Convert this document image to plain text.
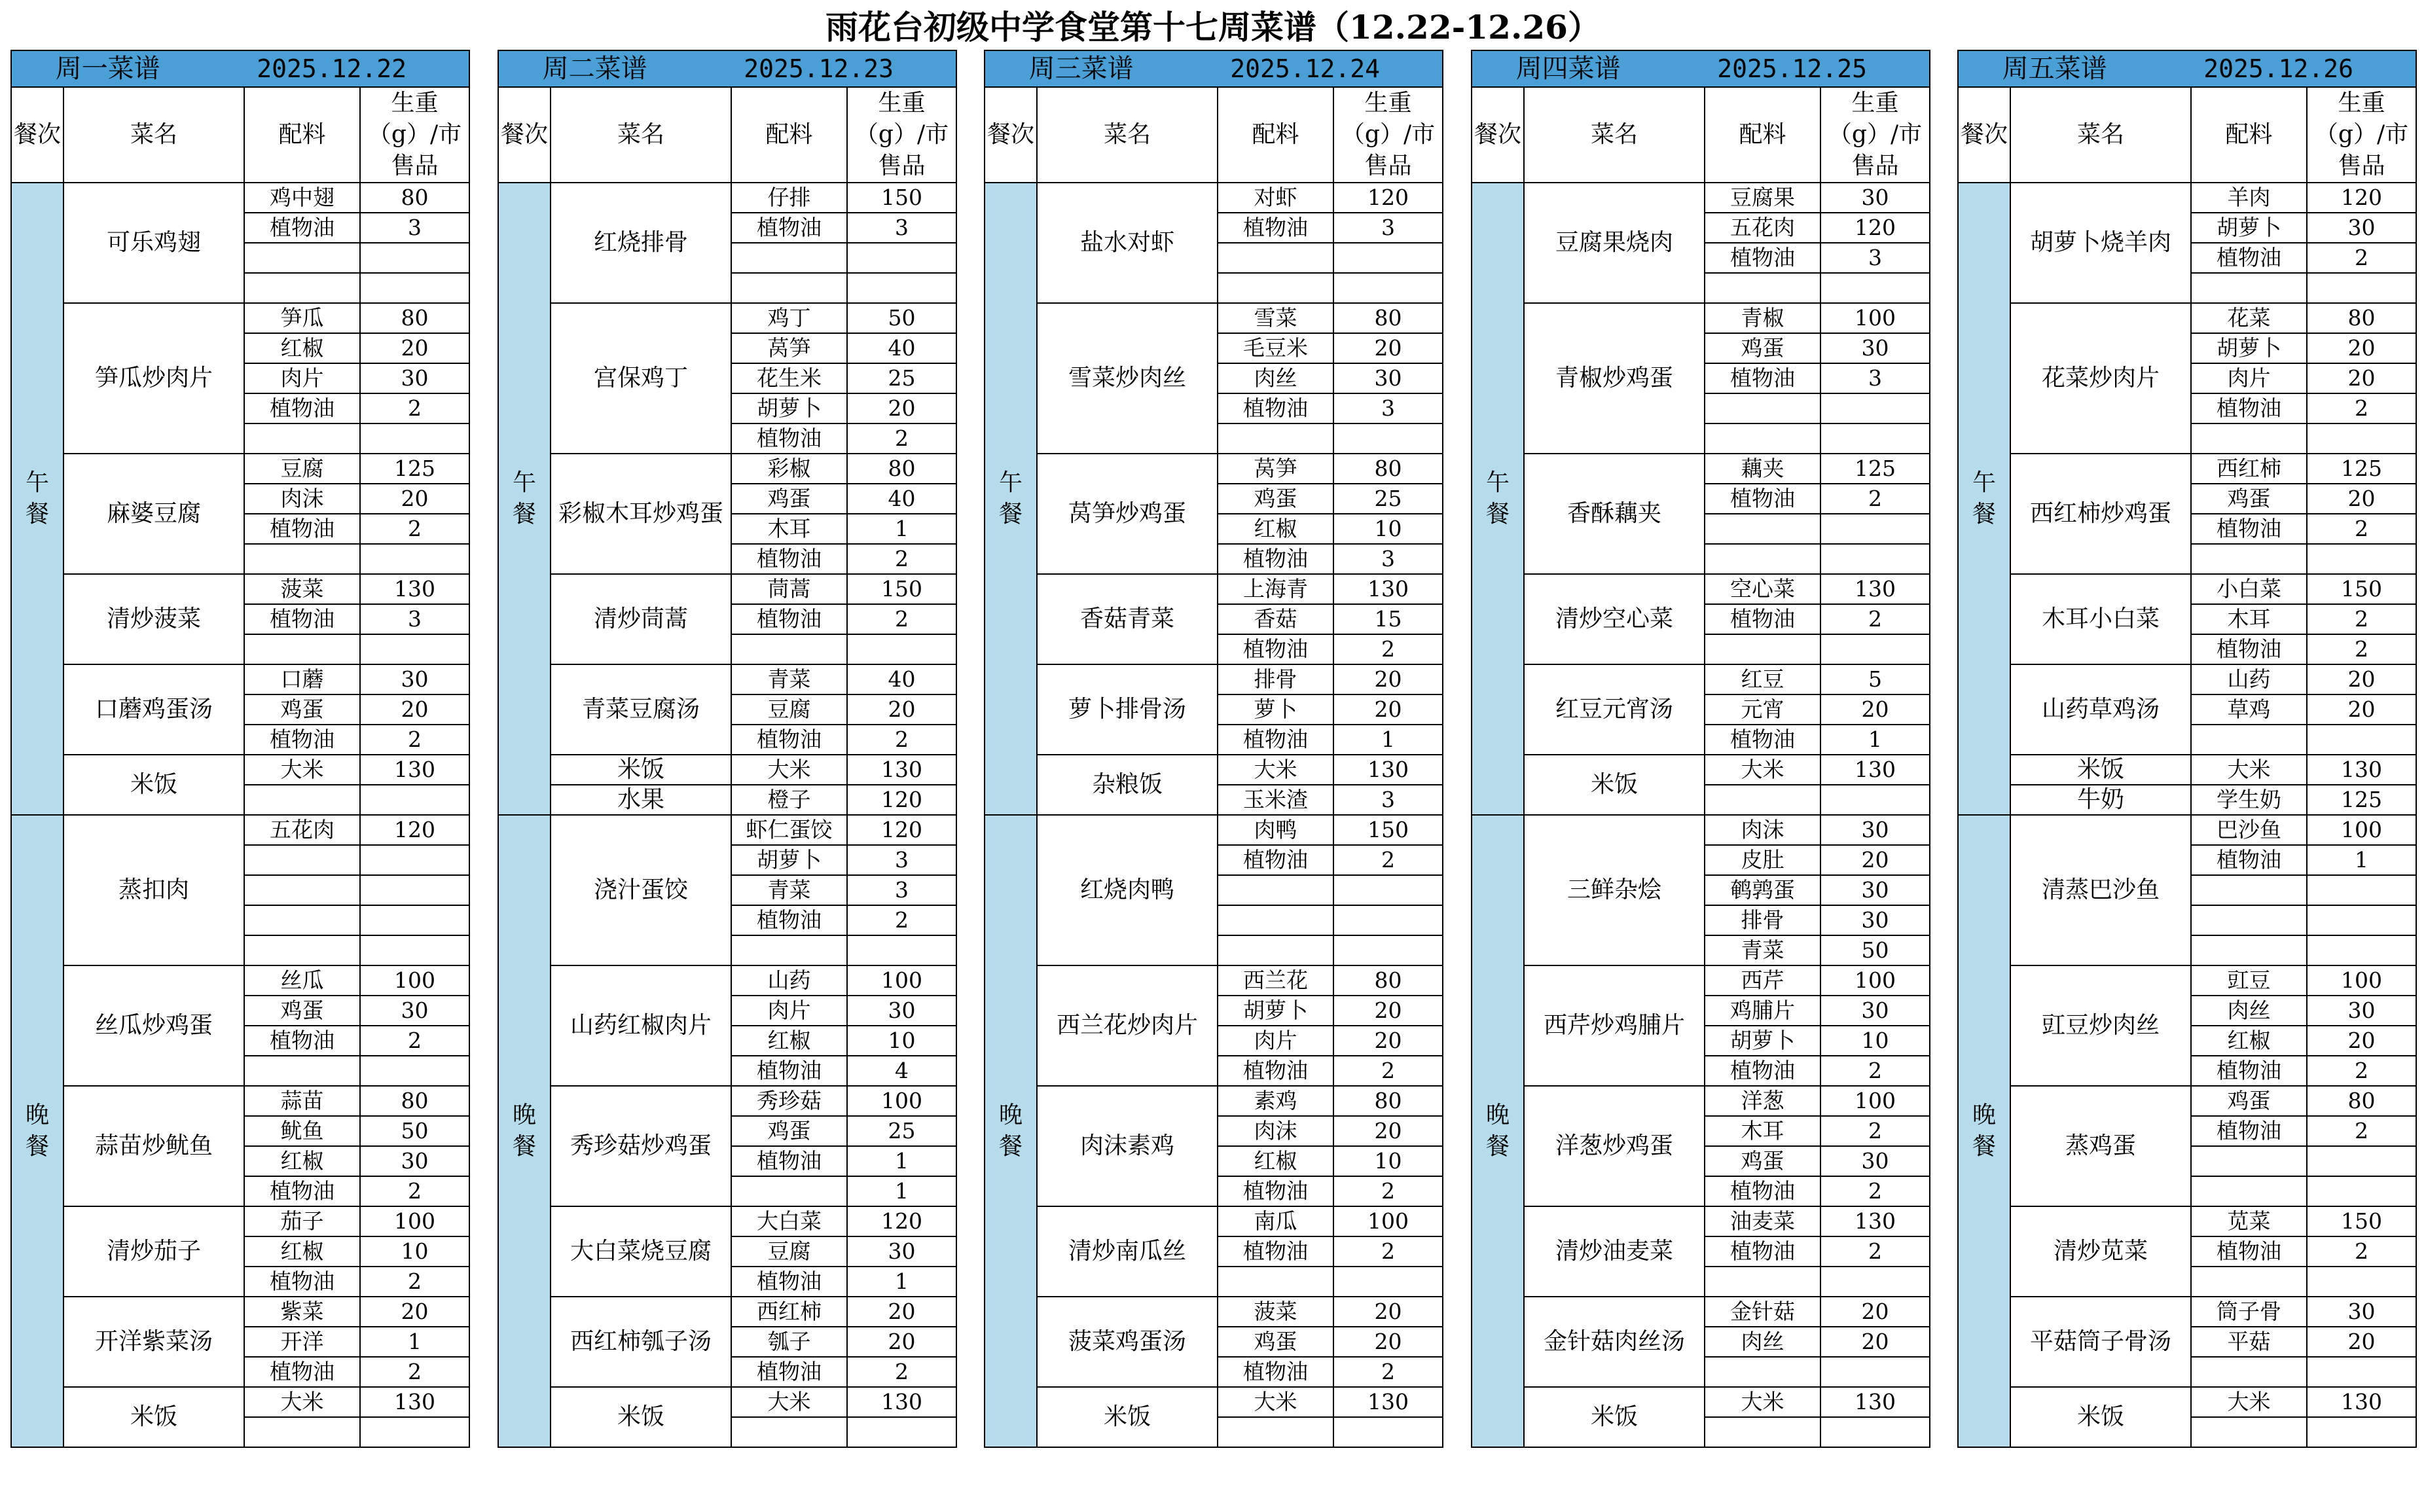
雨花台初级中学食堂第十七周菜谱（12.22-12.26）
周一菜谱 2025.12.22			
餐次	菜名	配料	生重（g）/市售品
午餐	可乐鸡翅	鸡中翅	80
		植物油	3

	笋瓜炒肉片	笋瓜	80
		红椒	20
		肉片	30
		植物油	2

	麻婆豆腐	豆腐	125
		肉沫	20
		植物油	2

	清炒菠菜	菠菜	130
		植物油	3

	口蘑鸡蛋汤	口蘑	30
		鸡蛋	20
		植物油	2
	米饭	大米	130

晚餐	蒸扣肉	五花肉	120

	丝瓜炒鸡蛋	丝瓜	100
		鸡蛋	30
		植物油	2

	蒜苗炒鱿鱼	蒜苗	80
		鱿鱼	50
		红椒	30
		植物油	2
	清炒茄子	茄子	100
		红椒	10
		植物油	2
	开洋紫菜汤	紫菜	20
		开洋	1
		植物油	2
	米饭	大米	130

周二菜谱 2025.12.23			
餐次	菜名	配料	生重（g）/市售品
午餐	红烧排骨	仔排	150
		植物油	3

	宫保鸡丁	鸡丁	50
		莴笋	40
		花生米	25
		胡萝卜	20
		植物油	2
	彩椒木耳炒鸡蛋	彩椒	80
		鸡蛋	40
		木耳	1
		植物油	2
	清炒茼蒿	茼蒿	150
		植物油	2

	青菜豆腐汤	青菜	40
		豆腐	20
		植物油	2
	米饭	大米	130
	水果	橙子	120
晚餐	浇汁蛋饺	虾仁蛋饺	120
		胡萝卜	3
		青菜	3
		植物油	2

	山药红椒肉片	山药	100
		肉片	30
		红椒	10
		植物油	4
	秀珍菇炒鸡蛋	秀珍菇	100
		鸡蛋	25
		植物油	1
			1
	大白菜烧豆腐	大白菜	120
		豆腐	30
		植物油	1
	西红柿瓠子汤	西红柿	20
		瓠子	20
		植物油	2
	米饭	大米	130

周三菜谱 2025.12.24			
餐次	菜名	配料	生重（g）/市售品
午餐	盐水对虾	对虾	120
		植物油	3

	雪菜炒肉丝	雪菜	80
		毛豆米	20
		肉丝	30
		植物油	3

	莴笋炒鸡蛋	莴笋	80
		鸡蛋	25
		红椒	10
		植物油	3
	香菇青菜	上海青	130
		香菇	15
		植物油	2
	萝卜排骨汤	排骨	20
		萝卜	20
		植物油	1
	杂粮饭	大米	130
		玉米渣	3
晚餐	红烧肉鸭	肉鸭	150
		植物油	2

	西兰花炒肉片	西兰花	80
		胡萝卜	20
		肉片	20
		植物油	2
	肉沫素鸡	素鸡	80
		肉沫	20
		红椒	10
		植物油	2
	清炒南瓜丝	南瓜	100
		植物油	2

	菠菜鸡蛋汤	菠菜	20
		鸡蛋	20
		植物油	2
	米饭	大米	130

周四菜谱 2025.12.25			
餐次	菜名	配料	生重（g）/市售品
午餐	豆腐果烧肉	豆腐果	30
		五花肉	120
		植物油	3

	青椒炒鸡蛋	青椒	100
		鸡蛋	30
		植物油	3

	香酥藕夹	藕夹	125
		植物油	2

	清炒空心菜	空心菜	130
		植物油	2

	红豆元宵汤	红豆	5
		元宵	20
		植物油	1
	米饭	大米	130

晚餐	三鲜杂烩	肉沫	30
		皮肚	20
		鹌鹑蛋	30
		排骨	30
		青菜	50
	西芹炒鸡脯片	西芹	100
		鸡脯片	30
		胡萝卜	10
		植物油	2
	洋葱炒鸡蛋	洋葱	100
		木耳	2
		鸡蛋	30
		植物油	2
	清炒油麦菜	油麦菜	130
		植物油	2

	金针菇肉丝汤	金针菇	20
		肉丝	20

	米饭	大米	130

周五菜谱 2025.12.26			
餐次	菜名	配料	生重（g）/市售品
午餐	胡萝卜烧羊肉	羊肉	120
		胡萝卜	30
		植物油	2

	花菜炒肉片	花菜	80
		胡萝卜	20
		肉片	20
		植物油	2

	西红柿炒鸡蛋	西红柿	125
		鸡蛋	20
		植物油	2

	木耳小白菜	小白菜	150
		木耳	2
		植物油	2
	山药草鸡汤	山药	20
		草鸡	20

	米饭	大米	130
	牛奶	学生奶	125
晚餐	清蒸巴沙鱼	巴沙鱼	100
		植物油	1

	豇豆炒肉丝	豇豆	100
		肉丝	30
		红椒	20
		植物油	2
	蒸鸡蛋	鸡蛋	80
		植物油	2

	清炒苋菜	苋菜	150
		植物油	2

	平菇筒子骨汤	筒子骨	30
		平菇	20

	米饭	大米	130
